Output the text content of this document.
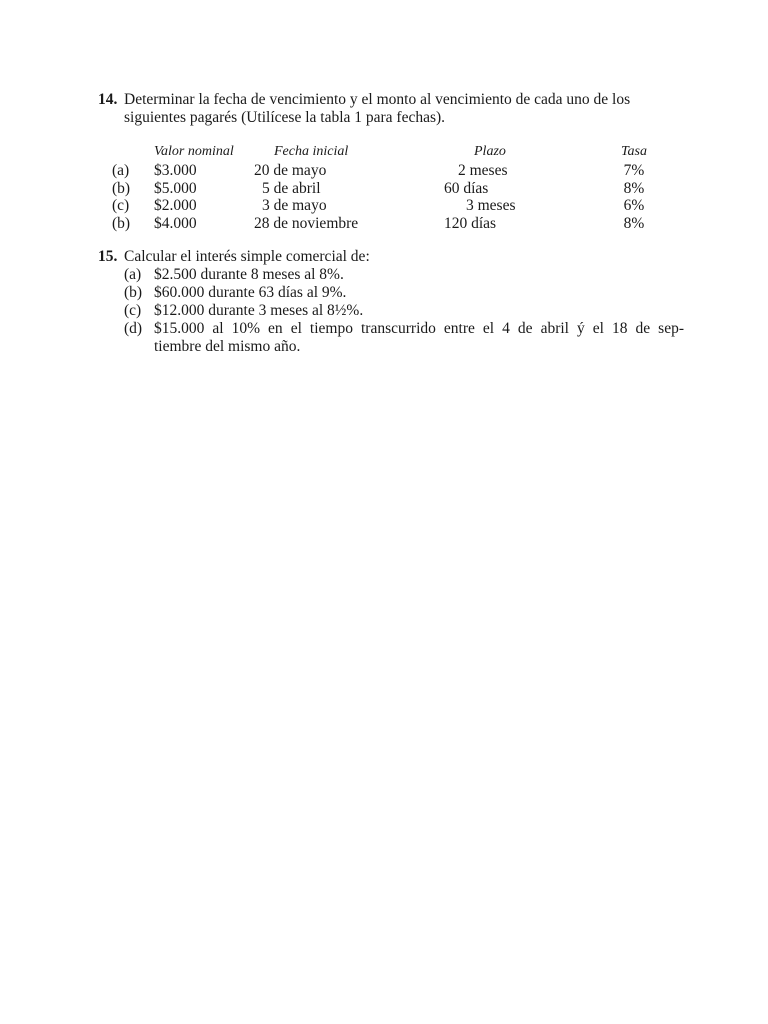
14. Determinar la fecha de vencimiento y el monto al vencimiento de cada uno de los
siguientes pagarés (Utilícese la tabla 1 para fechas).
	Valor nominal	Fecha inicial	Plazo	Tasa
(a)	$3.000	20 de mayo	2 meses	7%
(b)	$5.000	5 de abril	60 días	8%
(c)	$2.000	3 de mayo	3 meses	6%
(b)	$4.000	28 de noviembre	120 días	8%
15. Calcular el interés simple comercial de:
(a) $2.500 durante 8 meses al 8%.
(b) $60.000 durante 63 días al 9%.
(c) $12.000 durante 3 meses al 8½%.
(d) $15.000 al 10% en el tiempo transcurrido entre el 4 de abril ý el 18 de sep-
tiembre del mismo año.
